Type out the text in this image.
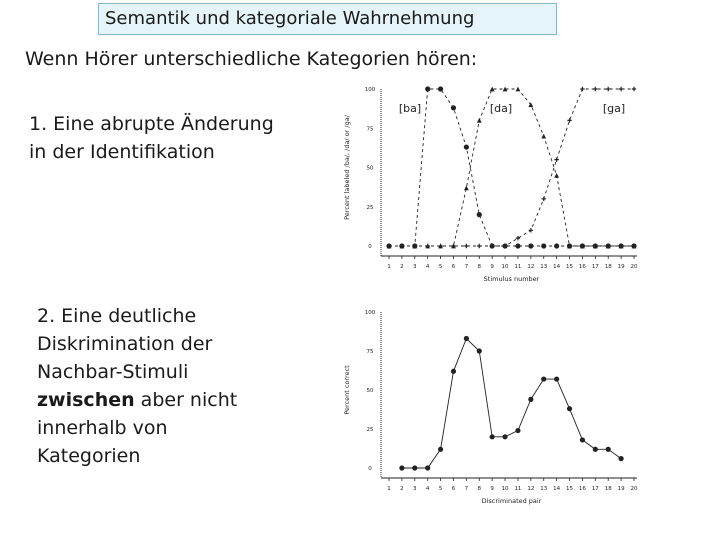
Semantik und kategoriale Wahrnehmung
Wenn Hörer unterschiedliche Kategorien hören:
1. Eine abrupte Änderung in der Identifikation
2. Eine deutliche Diskrimination der Nachbar-Stimuli zwischen aber nicht innerhalb von Kategorien
0
25
50
75
100
1 2 3 4 5 6 7 8 9 10 11 12 13 14 15 16 17 18 19 20
Stimulus number
Percent labeled /ba/, /da/ or /ga/
[ba]	[da]	[ga]
0
25
50
75
100
1 2 3 4 5 6 7 8 9 10 11 12 13 14 15 16 17 18 19 20
Discriminated pair
Percent correct
